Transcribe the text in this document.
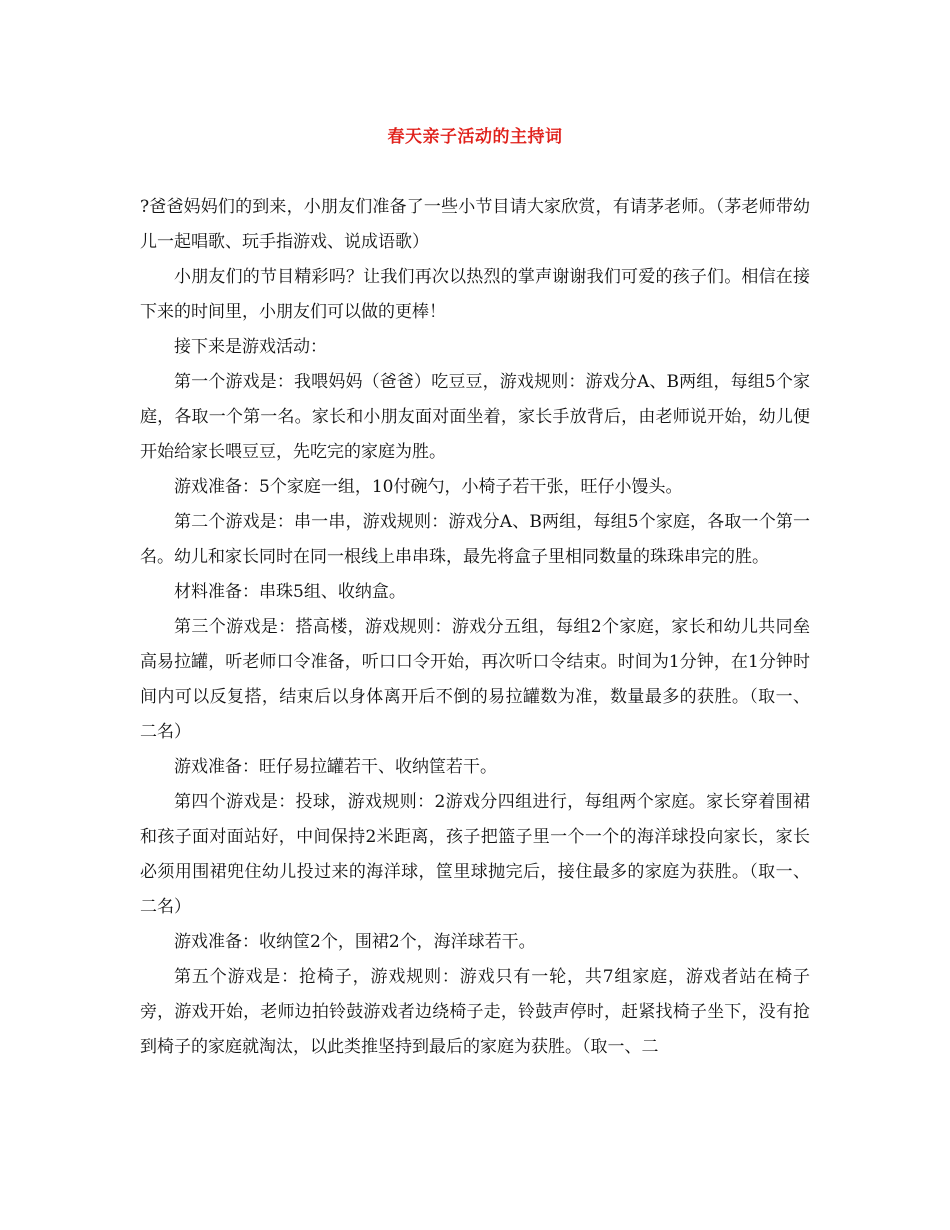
春天亲子活动的主持词

?爸爸妈妈们的到来，小朋友们准备了一些小节目请大家欣赏，有请茅老师。（茅老师带幼儿一起唱歌、玩手指游戏、说成语歌）

小朋友们的节目精彩吗？让我们再次以热烈的掌声谢谢我们可爱的孩子们。相信在接下来的时间里，小朋友们可以做的更棒！

接下来是游戏活动：

第一个游戏是：我喂妈妈（爸爸）吃豆豆，游戏规则：游戏分A、B两组，每组5个家庭，各取一个第一名。家长和小朋友面对面坐着，家长手放背后，由老师说开始，幼儿便开始给家长喂豆豆，先吃完的家庭为胜。

游戏准备：5个家庭一组，10付碗勺，小椅子若干张，旺仔小馒头。

第二个游戏是：串一串，游戏规则：游戏分A、B两组，每组5个家庭，各取一个第一名。幼儿和家长同时在同一根线上串串珠，最先将盒子里相同数量的珠珠串完的胜。

材料准备：串珠5组、收纳盒。

第三个游戏是：搭高楼，游戏规则：游戏分五组，每组2个家庭，家长和幼儿共同垒高易拉罐，听老师口令准备，听口口令开始，再次听口令结束。时间为1分钟，在1分钟时间内可以反复搭，结束后以身体离开后不倒的易拉罐数为准，数量最多的获胜。（取一、二名）

游戏准备：旺仔易拉罐若干、收纳筐若干。

第四个游戏是：投球，游戏规则：2游戏分四组进行，每组两个家庭。家长穿着围裙和孩子面对面站好，中间保持2米距离，孩子把篮子里一个一个的海洋球投向家长，家长必须用围裙兜住幼儿投过来的海洋球，筐里球抛完后，接住最多的家庭为获胜。（取一、二名）

游戏准备：收纳筐2个，围裙2个，海洋球若干。

第五个游戏是：抢椅子，游戏规则：游戏只有一轮，共7组家庭，游戏者站在椅子旁，游戏开始，老师边拍铃鼓游戏者边绕椅子走，铃鼓声停时，赶紧找椅子坐下，没有抢到椅子的家庭就淘汰，以此类推坚持到最后的家庭为获胜。（取一、二
